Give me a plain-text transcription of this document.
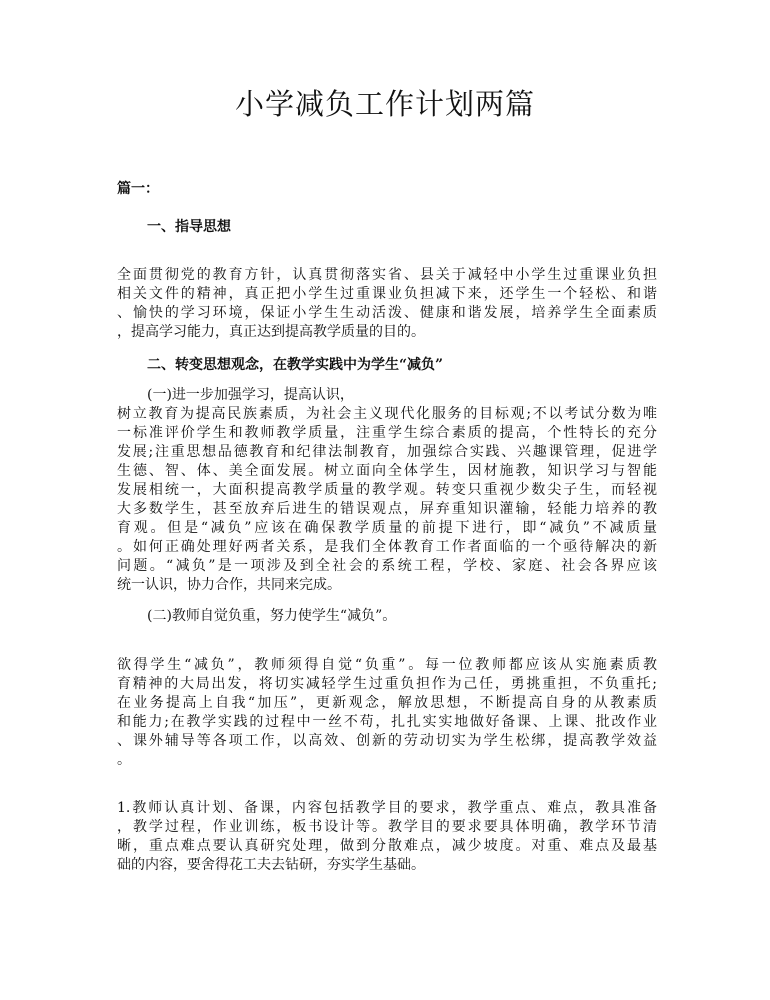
小学减负工作计划两篇
篇一：
一、指导思想
全面贯彻党的教育方针，认真贯彻落实省、县关于减轻中小学生过重课业负担
相关文件的精神，真正把小学生过重课业负担减下来，还学生一个轻松、和谐
、愉快的学习环境，保证小学生生动活泼、健康和谐发展，培养学生全面素质
，提高学习能力，真正达到提高教学质量的目的。
二、转变思想观念，在教学实践中为学生“减负”
(一)进一步加强学习，提高认识，
树立教育为提高民族素质，为社会主义现代化服务的目标观;不以考试分数为唯
一标准评价学生和教师教学质量，注重学生综合素质的提高，个性特长的充分
发展;注重思想品德教育和纪律法制教育，加强综合实践、兴趣课管理，促进学
生德、智、体、美全面发展。树立面向全体学生，因材施教，知识学习与智能
发展相统一，大面积提高教学质量的教学观。转变只重视少数尖子生，而轻视
大多数学生，甚至放弃后进生的错误观点，屏弃重知识灌输，轻能力培养的教
育观。但是“减负”应该在确保教学质量的前提下进行，即“减负”不减质量
。如何正确处理好两者关系，是我们全体教育工作者面临的一个亟待解决的新
问题。“减负”是一项涉及到全社会的系统工程，学校、家庭、社会各界应该
统一认识，协力合作，共同来完成。
(二)教师自觉负重，努力使学生“减负”。
欲得学生“减负”，教师须得自觉“负重”。每一位教师都应该从实施素质教
育精神的大局出发，将切实减轻学生过重负担作为己任，勇挑重担，不负重托;
在业务提高上自我“加压”，更新观念，解放思想，不断提高自身的从教素质
和能力;在教学实践的过程中一丝不苟，扎扎实实地做好备课、上课、批改作业
、课外辅导等各项工作，以高效、创新的劳动切实为学生松绑，提高教学效益
。
1.教师认真计划、备课，内容包括教学目的要求，教学重点、难点，教具准备
，教学过程，作业训练，板书设计等。教学目的要求要具体明确，教学环节清
晰，重点难点要认真研究处理，做到分散难点，减少坡度。对重、难点及最基
础的内容，要舍得花工夫去钻研，夯实学生基础。
